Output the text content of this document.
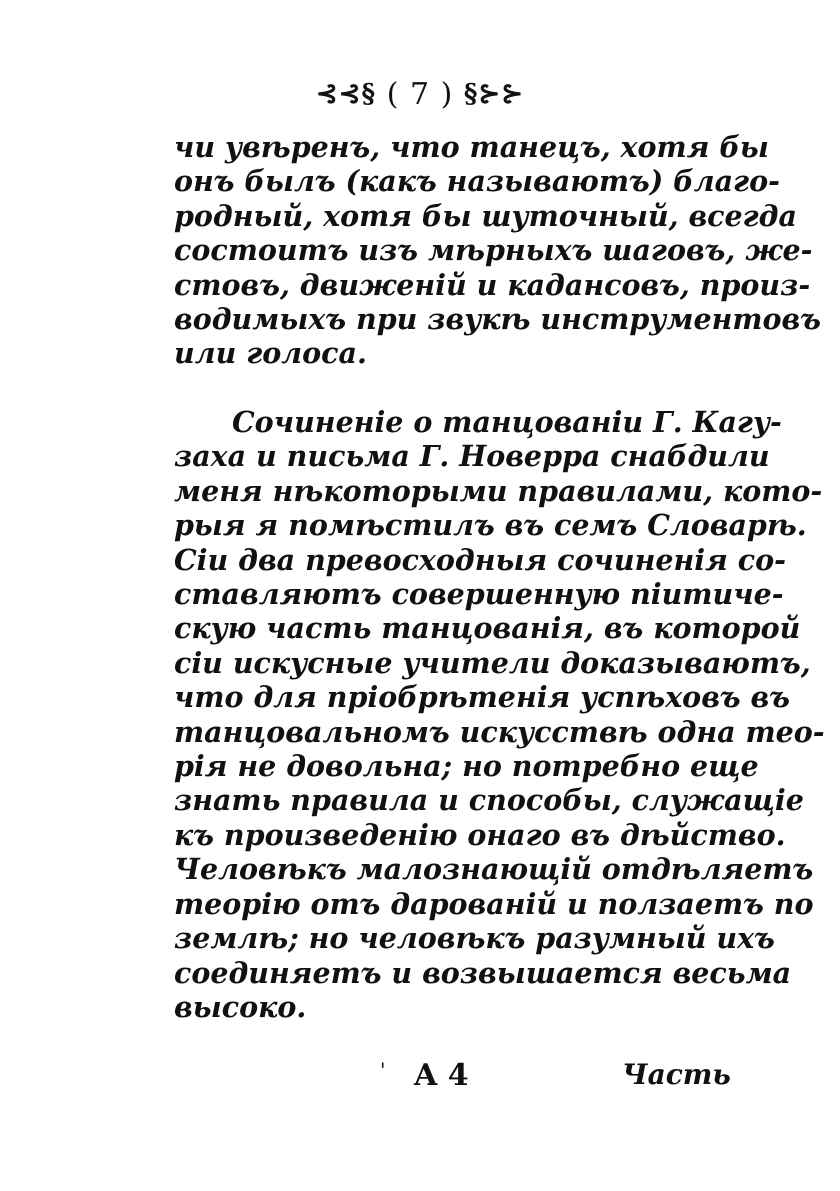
⊰⊰§ ( 7 ) §⊱⊱
чи увѣренъ, что танецъ, хотя бы
онъ былъ (какъ называютъ) благо-
родный, хотя бы шуточный, всегда
состоитъ изъ мѣрныхъ шаговъ, же-
стовъ, движенiй и кадансовъ, произ-
водимыхъ при звукѣ инструментовъ
или голоса.
Сочиненiе о танцованiи Г. Кагу-
заха и письма Г. Новерра снабдили
меня нѣкоторыми правилами, кото-
рыя я помѣстилъ въ семъ Словарѣ.
Сiи два превосходныя сочиненiя со-
ставляютъ совершенную пiитиче-
скую часть танцованiя, въ которой
сiи искусные учители доказываютъ,
что для прiобрѣтенiя успѣховъ въ
танцовальномъ искусствѣ одна тео-
рiя не довольна; но потребно еще
знать правила и способы, служащiе
къ произведенiю онаго въ дѣйство.
Человѣкъ малознающiй отдѣляетъ
теорiю отъ дарованiй и ползаетъ по
землѣ; но человѣкъ разумный ихъ
соединяетъ и возвышается весьма
высоко.
' A 4	Часть
